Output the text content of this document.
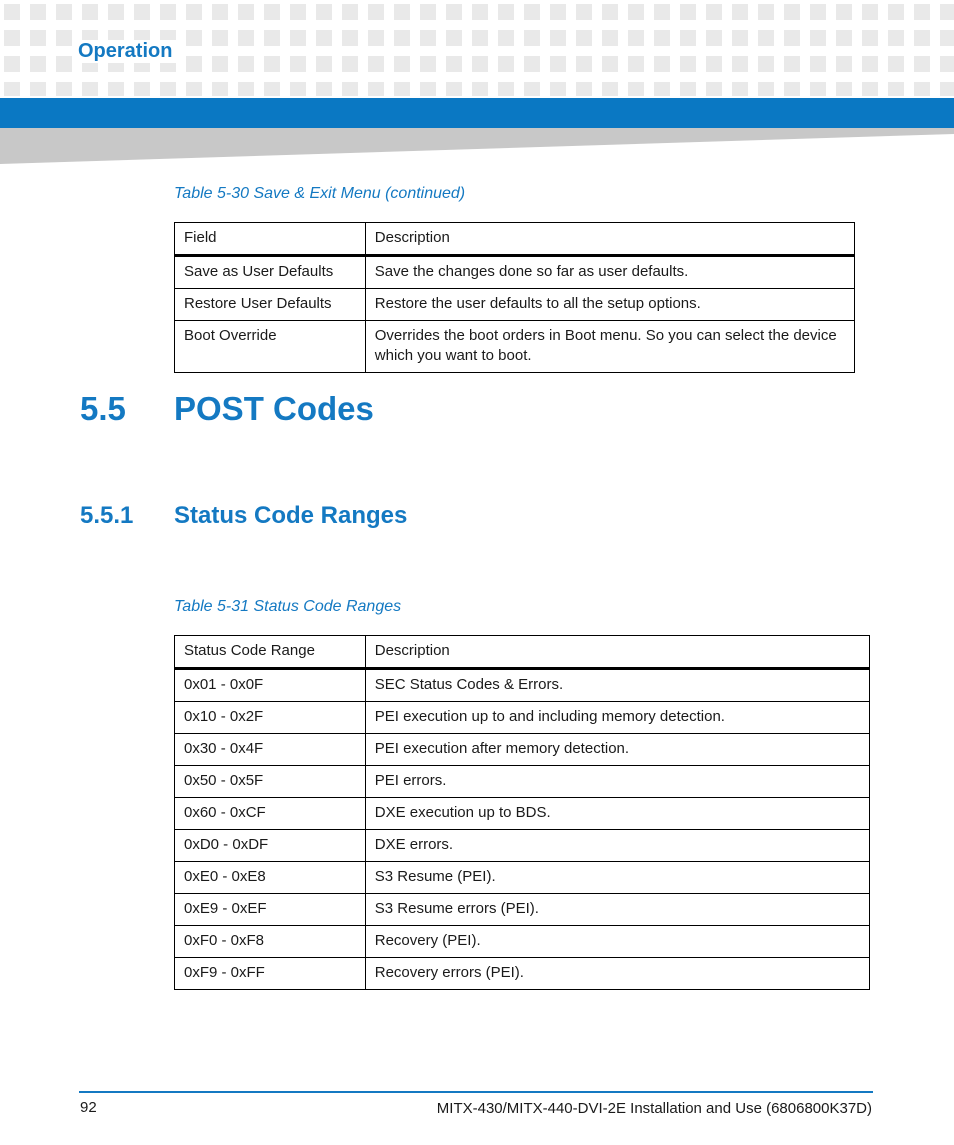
Operation
Table 5-30 Save & Exit Menu (continued)
Field	Description
Save as User Defaults	Save the changes done so far as user defaults.
Restore User Defaults	Restore the user defaults to all the setup options.
Boot Override	Overrides the boot orders in Boot menu. So you can select the device which you want to boot.
5.5 POST Codes
5.5.1 Status Code Ranges
Table 5-31 Status Code Ranges
Status Code Range	Description
0x01 - 0x0F	SEC Status Codes & Errors.
0x10 - 0x2F	PEI execution up to and including memory detection.
0x30 - 0x4F	PEI execution after memory detection.
0x50 - 0x5F	PEI errors.
0x60 - 0xCF	DXE execution up to BDS.
0xD0 - 0xDF	DXE errors.
0xE0 - 0xE8	S3 Resume (PEI).
0xE9 - 0xEF	S3 Resume errors (PEI).
0xF0 - 0xF8	Recovery (PEI).
0xF9 - 0xFF	Recovery errors (PEI).
92	MITX-430/MITX-440-DVI-2E Installation and Use (6806800K37D)
